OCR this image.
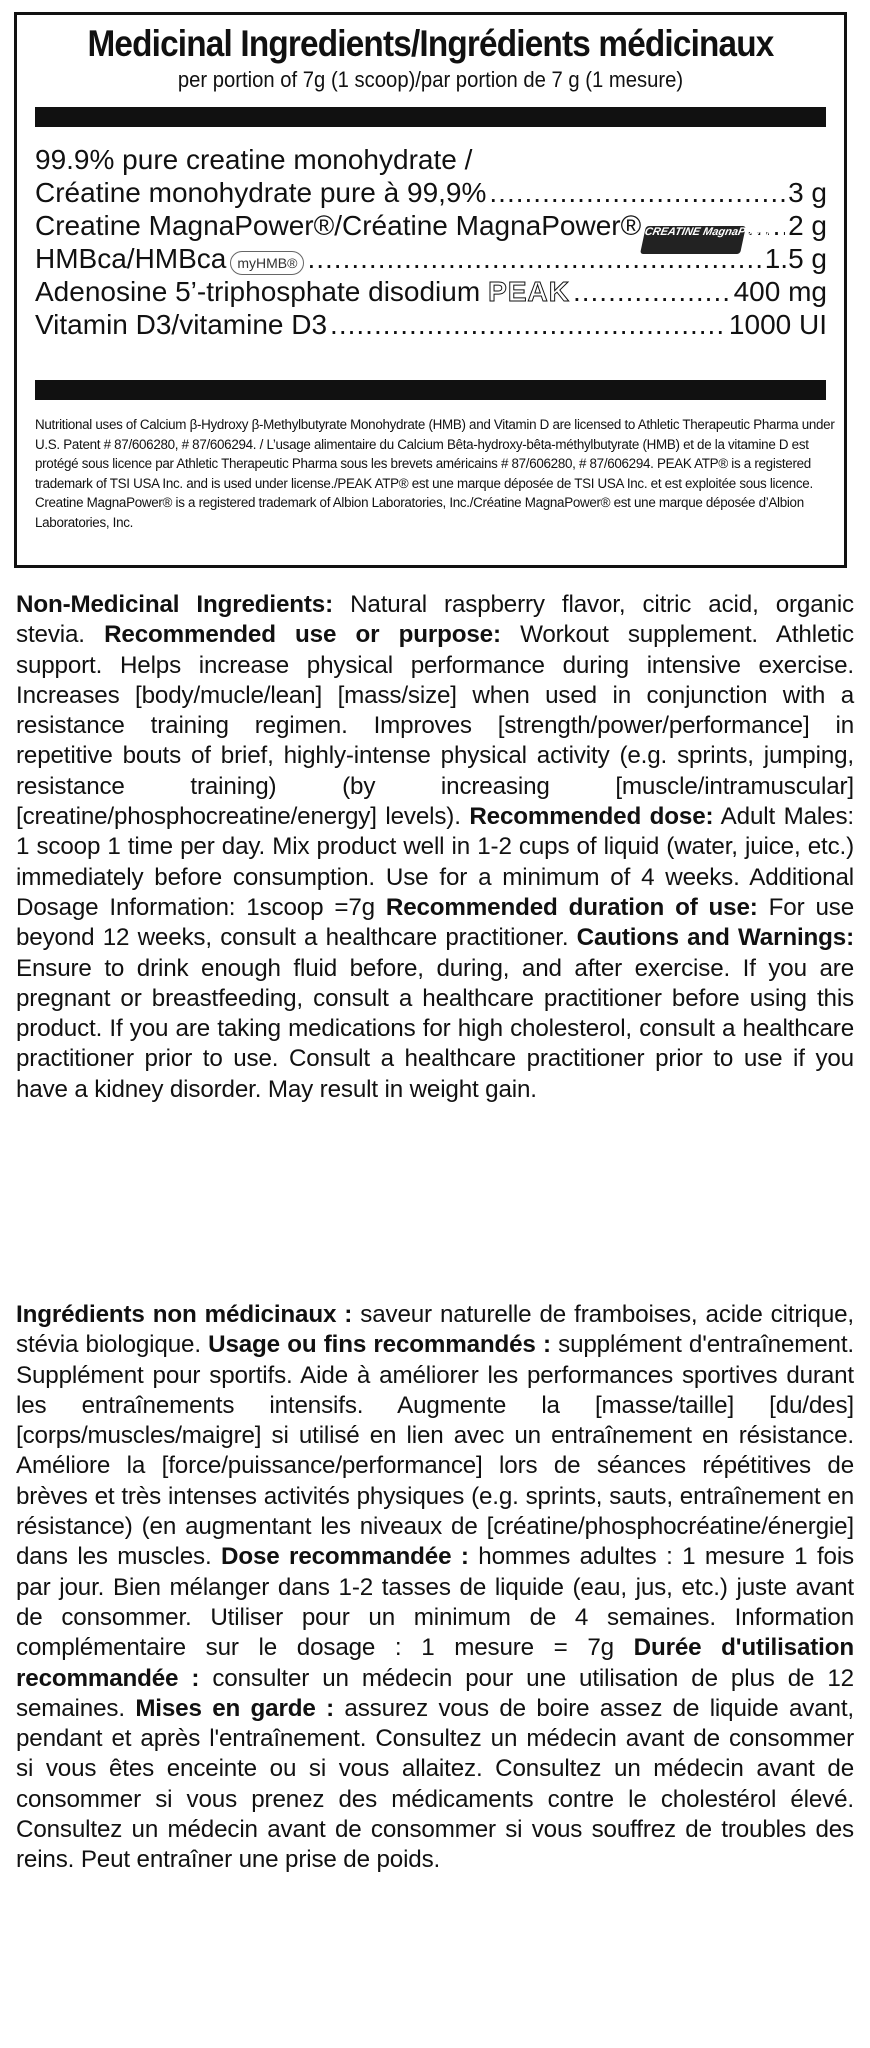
Medicinal Ingredients/Ingrédients médicinaux
per portion of 7g (1 scoop)/par portion de 7 g (1 mesure)
99.9% pure creatine monohydrate /
Créatine monohydrate pure à 99,9% .....	3 g
Creatine MagnaPower®/Créatine MagnaPower® CREATINE MagnaPower ..... 2 g
HMBca/HMBca myHMB® .....	1.5 g
Adenosine 5’-triphosphate disodium PEAK .....	400 mg
Vitamin D3/vitamine D3 .....	1000 UI
Nutritional uses of Calcium β-Hydroxy β-Methylbutyrate Monohydrate (HMB) and Vitamin D are licensed to Athletic Therapeutic Pharma under U.S. Patent # 87/606280, # 87/606294. / L’usage alimentaire du Calcium Bêta-hydroxy-bêta-méthylbutyrate (HMB) et de la vitamine D est protégé sous licence par Athletic Therapeutic Pharma sous les brevets américains # 87/606280, # 87/606294. PEAK ATP® is a registered trademark of TSI USA Inc. and is used under license./PEAK ATP® est une marque déposée de TSI USA Inc. et est exploitée sous licence. Creatine MagnaPower® is a registered trademark of Albion Laboratories, Inc./Créatine MagnaPower® est une marque déposée d’Albion Laboratories, Inc.
Non-Medicinal Ingredients: Natural raspberry flavor, citric acid, organic stevia. Recommended use or purpose: Workout supplement. Athletic support. Helps increase physical performance during intensive exercise. Increases [body/mucle/lean] [mass/size] when used in conjunction with a resistance training regimen. Improves [strength/power/performance] in repetitive bouts of brief, highly-intense physical activity (e.g. sprints, jumping, resistance training) (by increasing [muscle/intramuscular] [creatine/phosphocreatine/energy] levels). Recommended dose: Adult Males: 1 scoop 1 time per day. Mix product well in 1-2 cups of liquid (water, juice, etc.) immediately before consumption. Use for a minimum of 4 weeks. Additional Dosage Information: 1scoop =7g Recommended duration of use: For use beyond 12 weeks, consult a healthcare practitioner. Cautions and Warnings: Ensure to drink enough fluid before, during, and after exercise. If you are pregnant or breastfeeding, consult a healthcare practitioner before using this product. If you are taking medications for high cholesterol, consult a healthcare practitioner prior to use. Consult a healthcare practitioner prior to use if you have a kidney disorder. May result in weight gain.
Ingrédients non médicinaux : saveur naturelle de framboises, acide citrique, stévia biologique. Usage ou fins recommandés : supplément d'entraînement. Supplément pour sportifs. Aide à améliorer les performances sportives durant les entraînements intensifs. Augmente la [masse/taille] [du/des] [corps/muscles/maigre] si utilisé en lien avec un entraînement en résistance. Améliore la [force/puissance/performance] lors de séances répétitives de brèves et très intenses activités physiques (e.g. sprints, sauts, entraînement en résistance) (en augmentant les niveaux de [créatine/phosphocréatine/énergie] dans les muscles. Dose recommandée : hommes adultes : 1 mesure 1 fois par jour. Bien mélanger dans 1-2 tasses de liquide (eau, jus, etc.) juste avant de consommer. Utiliser pour un minimum de 4 semaines. Information complémentaire sur le dosage : 1 mesure = 7g Durée d'utilisation recommandée : consulter un médecin pour une utilisation de plus de 12 semaines. Mises en garde : assurez vous de boire assez de liquide avant, pendant et après l'entraînement. Consultez un médecin avant de consommer si vous êtes enceinte ou si vous allaitez. Consultez un médecin avant de consommer si vous prenez des médicaments contre le cholestérol élevé. Consultez un médecin avant de consommer si vous souffrez de troubles des reins. Peut entraîner une prise de poids.
